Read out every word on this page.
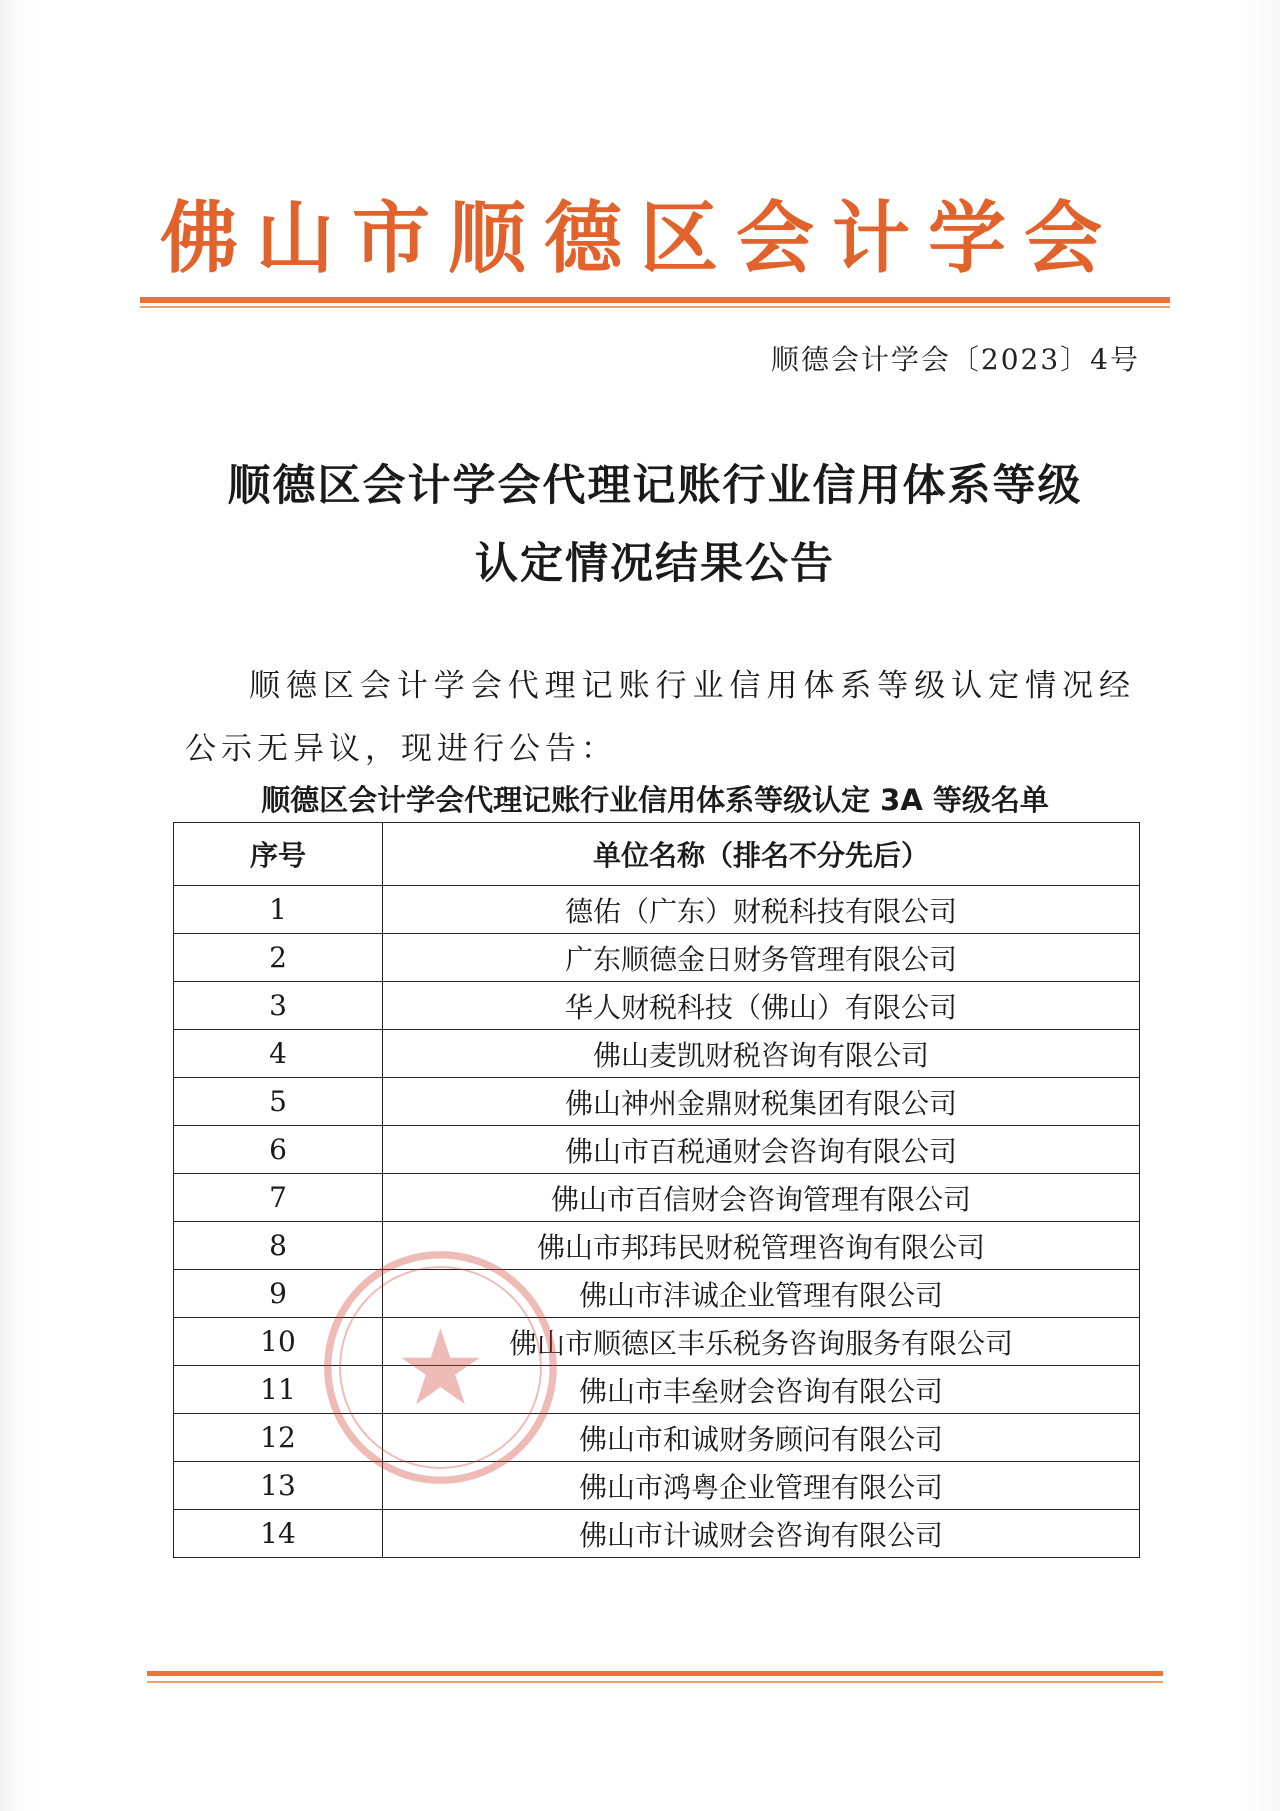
佛山市顺德区会计学会
顺德会计学会〔2023〕4号
顺德区会计学会代理记账行业信用体系等级
认定情况结果公告
顺德区会计学会代理记账行业信用体系等级认定情况经公示无异议，现进行公告：
顺德区会计学会代理记账行业信用体系等级认定 3A 等级名单
序号	单位名称（排名不分先后）
1	德佑（广东）财税科技有限公司
2	广东顺德金日财务管理有限公司
3	华人财税科技（佛山）有限公司
4	佛山麦凯财税咨询有限公司
5	佛山神州金鼎财税集团有限公司
6	佛山市百税通财会咨询有限公司
7	佛山市百信财会咨询管理有限公司
8	佛山市邦玮民财税管理咨询有限公司
9	佛山市沣诚企业管理有限公司
10	佛山市顺德区丰乐税务咨询服务有限公司
11	佛山市丰垒财会咨询有限公司
12	佛山市和诚财务顾问有限公司
13	佛山市鸿粤企业管理有限公司
14	佛山市计诚财会咨询有限公司
